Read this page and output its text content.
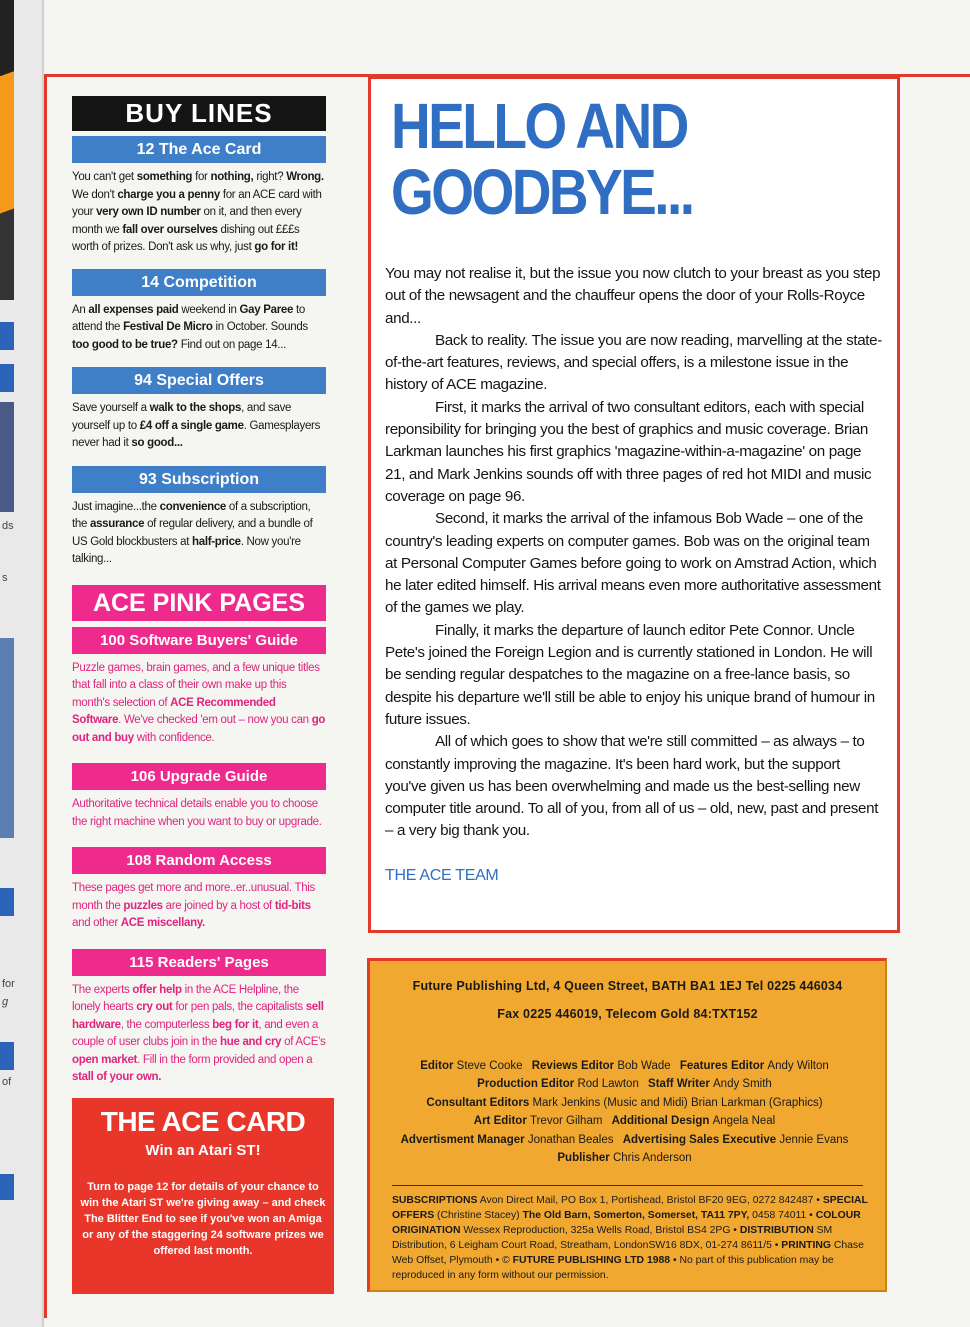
ds
s
for
g
of
BUY LINES
12 The Ace Card

You can't get something for nothing, right? Wrong. We don't charge you a penny for an ACE card with your very own ID number on it, and then every month we fall over ourselves dishing out £££s worth of prizes. Don't ask us why, just go for it!

14 Competition

An all expenses paid weekend in Gay Paree to attend the Festival De Micro in October. Sounds too good to be true? Find out on page 14...

94 Special Offers

Save yourself a walk to the shops, and save yourself up to £4 off a single game. Gamesplayers never had it so good...

93 Subscription

Just imagine...the convenience of a subscription, the assurance of regular delivery, and a bundle of US Gold blockbusters at half-price. Now you're talking...

ACE PINK PAGES
100 Software Buyers' Guide

Puzzle games, brain games, and a few unique titles that fall into a class of their own make up this month's selection of ACE Recommended Software. We've checked 'em out – now you can go out and buy with confidence.

106 Upgrade Guide

Authoritative technical details enable you to choose the right machine when you want to buy or upgrade.

108 Random Access

These pages get more and more..er..unusual. This month the puzzles are joined by a host of tid-bits and other ACE miscellany.

115 Readers' Pages

The experts offer help in the ACE Helpline, the lonely hearts cry out for pen pals, the capitalists sell hardware, the computerless beg for it, and even a couple of user clubs join in the hue and cry of ACE's open market. Fill in the form provided and open a stall of your own.

THE ACE CARD
Win an Atari ST!
Turn to page 12 for details of your chance to win the Atari ST we're giving away – and check The Blitter End to see if you've won an Amiga or any of the staggering 24 software prizes we offered last month.
HELLO AND
GOODBYE...

You may not realise it, but the issue you now clutch to your breast as you step out of the newsagent and the chauffeur opens the door of your Rolls-Royce and...

Back to reality. The issue you are now reading, marvelling at the state-of-the-art features, reviews, and special offers, is a milestone issue in the history of ACE magazine.

First, it marks the arrival of two consultant editors, each with special reponsibility for bringing you the best of graphics and music coverage. Brian Larkman launches his first graphics 'magazine-within-a-magazine' on page 21, and Mark Jenkins sounds off with three pages of red hot MIDI and music coverage on page 96.

Second, it marks the arrival of the infamous Bob Wade – one of the country's leading experts on computer games. Bob was on the original team at Personal Computer Games before going to work on Amstrad Action, which he later edited himself. His arrival means even more authoritative assessment of the games we play.

Finally, it marks the departure of launch editor Pete Connor. Uncle Pete's joined the Foreign Legion and is currently stationed in London. He will be sending regular despatches to the magazine on a free-lance basis, so despite his departure we'll still be able to enjoy his unique brand of humour in future issues.

All of which goes to show that we're still committed – as always – to constantly improving the magazine. It's been hard work, but the support you've given us has been overwhelming and made us the best-selling new computer title around. To all of you, from all of us – old, new, past and present – a very big thank you.

THE ACE TEAM
Future Publishing Ltd, 4 Queen Street, BATH BA1 1EJ Tel 0225 446034
Fax 0225 446019, Telecom Gold 84:TXT152
Editor Steve Cooke Reviews Editor Bob Wade Features Editor Andy Wilton
Production Editor Rod Lawton Staff Writer Andy Smith
Consultant Editors Mark Jenkins (Music and Midi) Brian Larkman (Graphics)
Art Editor Trevor Gilham Additional Design Angela Neal
Advertisment Manager Jonathan Beales Advertising Sales Executive Jennie Evans
Publisher Chris Anderson
SUBSCRIPTIONS Avon Direct Mail, PO Box 1, Portishead, Bristol BF20 9EG, 0272 842487 • SPECIAL OFFERS (Christine Stacey) The Old Barn, Somerton, Somerset, TA11 7PY, 0458 74011 • COLOUR ORIGINATION Wessex Reproduction, 325a Wells Road, Bristol BS4 2PG • DISTRIBUTION SM Distribution, 6 Leigham Court Road, Streatham, LondonSW16 8DX, 01-274 8611/5 • PRINTING Chase Web Offset, Plymouth • © FUTURE PUBLISHING LTD 1988 • No part of this publication may be reproduced in any form without our permission.
